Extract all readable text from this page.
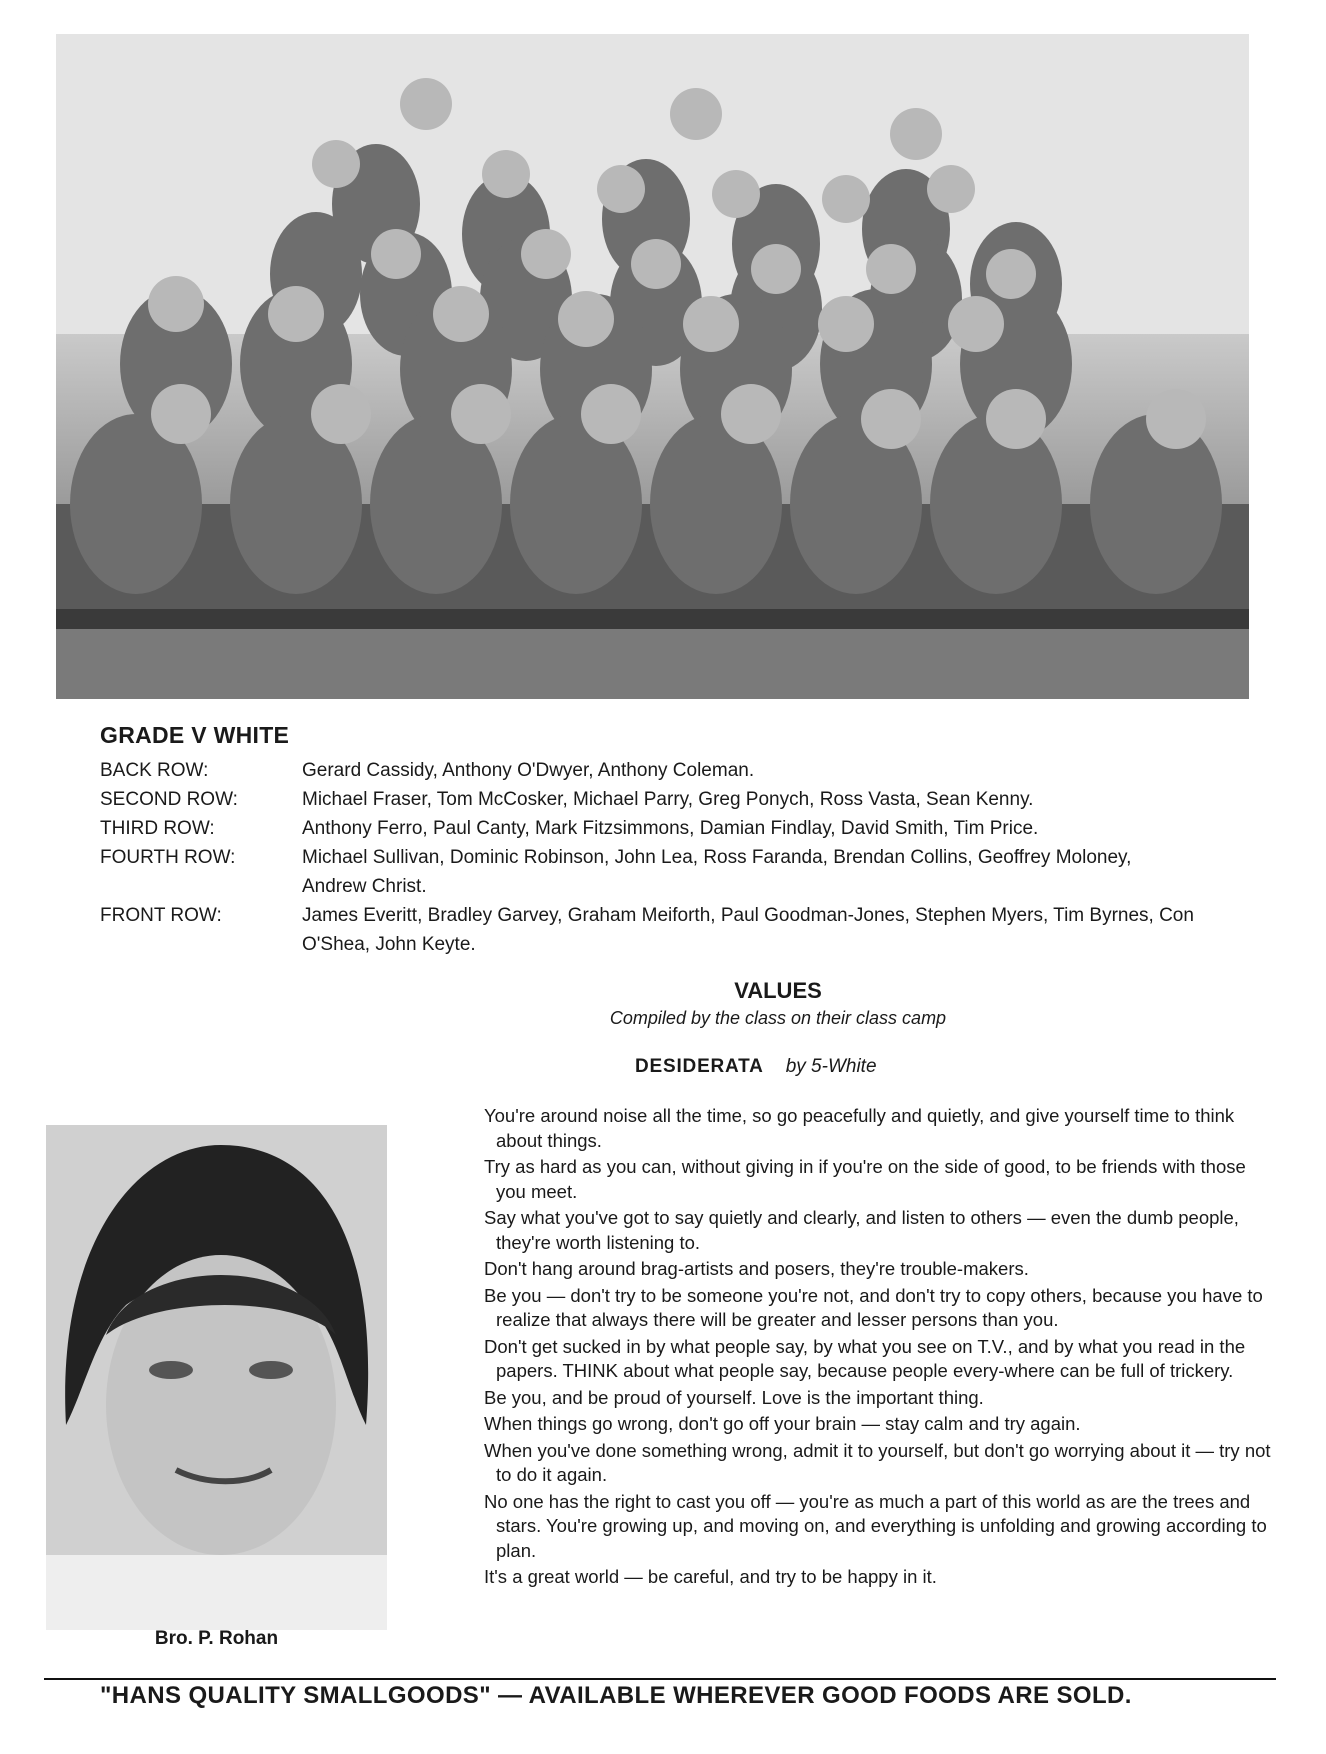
GRADE V WHITE
BACK ROW:	Gerard Cassidy, Anthony O'Dwyer, Anthony Coleman.
SECOND ROW:	Michael Fraser, Tom McCosker, Michael Parry, Greg Ponych, Ross Vasta, Sean Kenny.
THIRD ROW:	Anthony Ferro, Paul Canty, Mark Fitzsimmons, Damian Findlay, David Smith, Tim Price.
FOURTH ROW:	Michael Sullivan, Dominic Robinson, John Lea, Ross Faranda, Brendan Collins, Geoffrey Moloney, Andrew Christ.
FRONT ROW:	James Everitt, Bradley Garvey, Graham Meiforth, Paul Goodman-Jones, Stephen Myers, Tim Byrnes, Con O'Shea, John Keyte.
VALUES
Compiled by the class on their class camp
DESIDERATA by 5-White
Bro. P. Rohan

You're around noise all the time, so go peacefully and quietly, and give yourself time to think about things.

Try as hard as you can, without giving in if you're on the side of good, to be friends with those you meet.

Say what you've got to say quietly and clearly, and listen to others — even the dumb people, they're worth listening to.

Don't hang around brag-artists and posers, they're trouble-makers.

Be you — don't try to be someone you're not, and don't try to copy others, because you have to realize that always there will be greater and lesser persons than you.

Don't get sucked in by what people say, by what you see on T.V., and by what you read in the papers. THINK about what people say, because people every-where can be full of trickery.

Be you, and be proud of yourself. Love is the important thing.

When things go wrong, don't go off your brain — stay calm and try again.

When you've done something wrong, admit it to yourself, but don't go worrying about it — try not to do it again.

No one has the right to cast you off — you're as much a part of this world as are the trees and stars. You're growing up, and moving on, and everything is unfolding and growing according to plan.

It's a great world — be careful, and try to be happy in it.

"HANS QUALITY SMALLGOODS" — AVAILABLE WHEREVER GOOD FOODS ARE SOLD.
